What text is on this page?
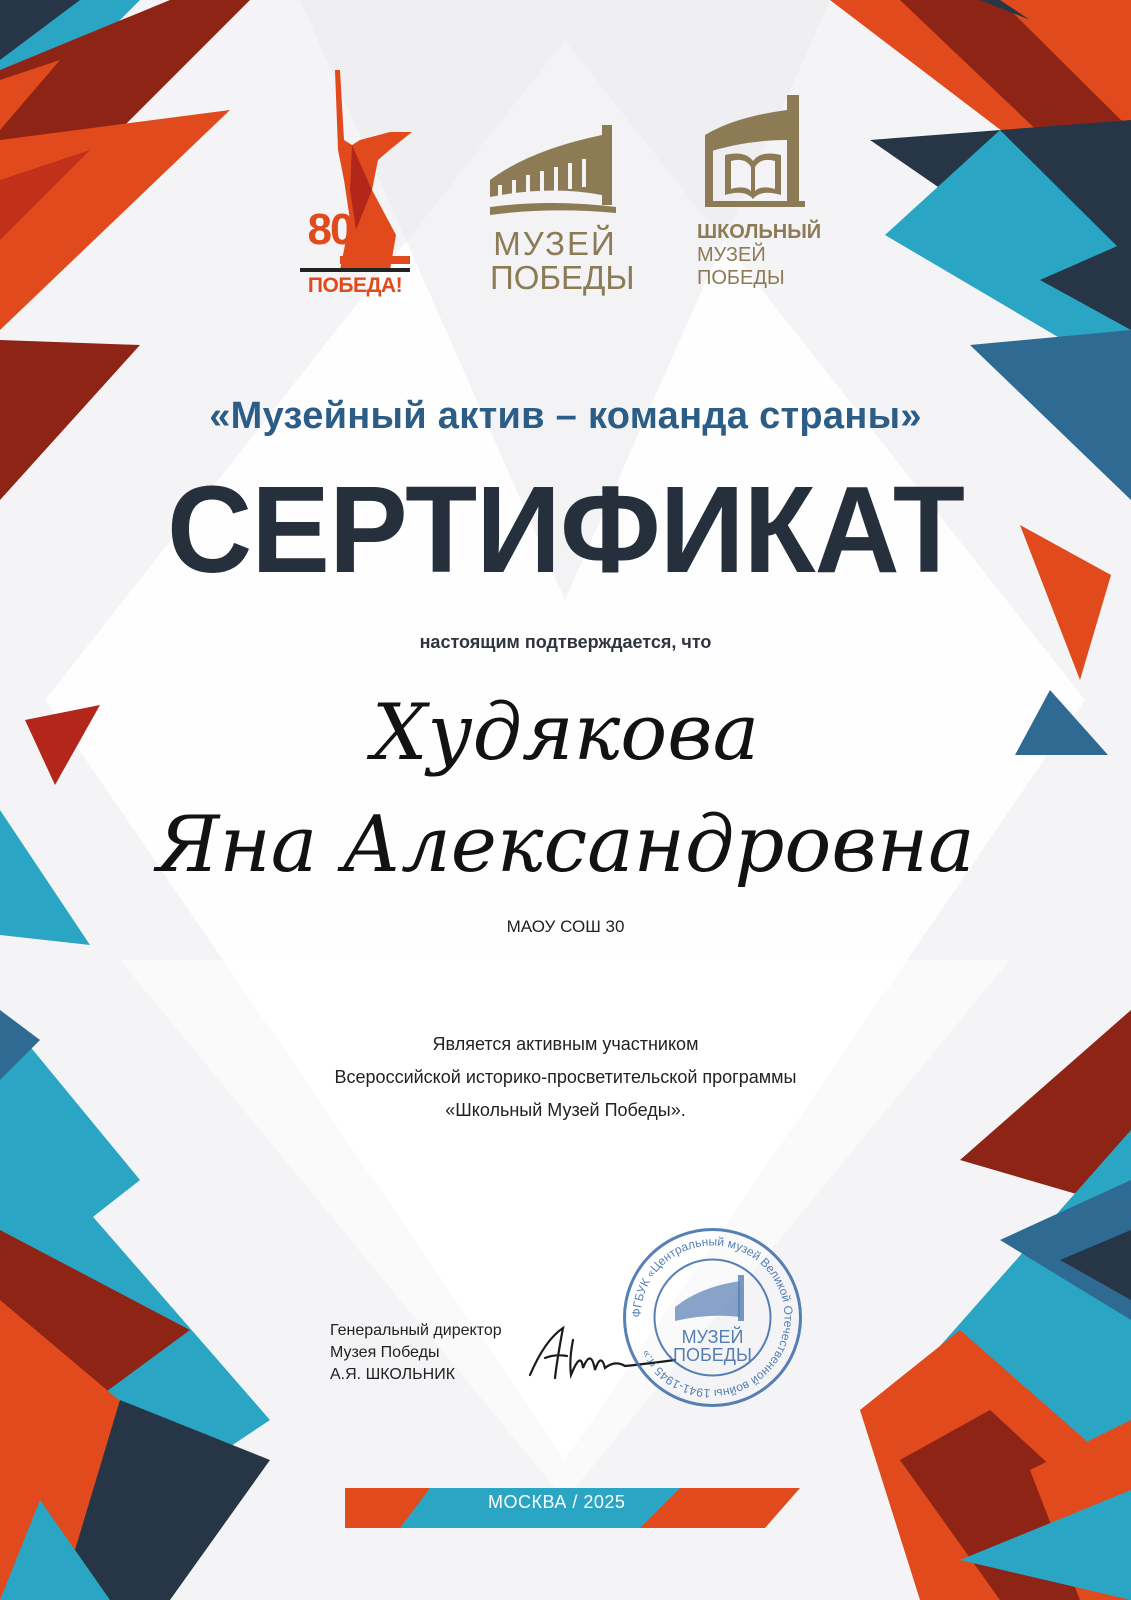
80
ПОБЕДА!
МУЗЕЙ
ПОБЕДЫ
ШКОЛЬНЫЙ
МУЗЕЙ
ПОБЕДЫ
«Музейный актив – команда страны»
СЕРТИФИКАТ
настоящим подтверждается, что
Худякова
Яна Александровна
МАОУ СОШ 30
Является активным участником
Всероссийской историко-просветительской программы
«Школьный Музей Победы».
Генеральный директор
Музея Победы
А.Я. ШКОЛЬНИК
ФГБУК «Центральный музей Великой Отечественной войны 1941-1945 гг.»
МУЗЕЙ
ПОБЕДЫ
МОСКВА / 2025
